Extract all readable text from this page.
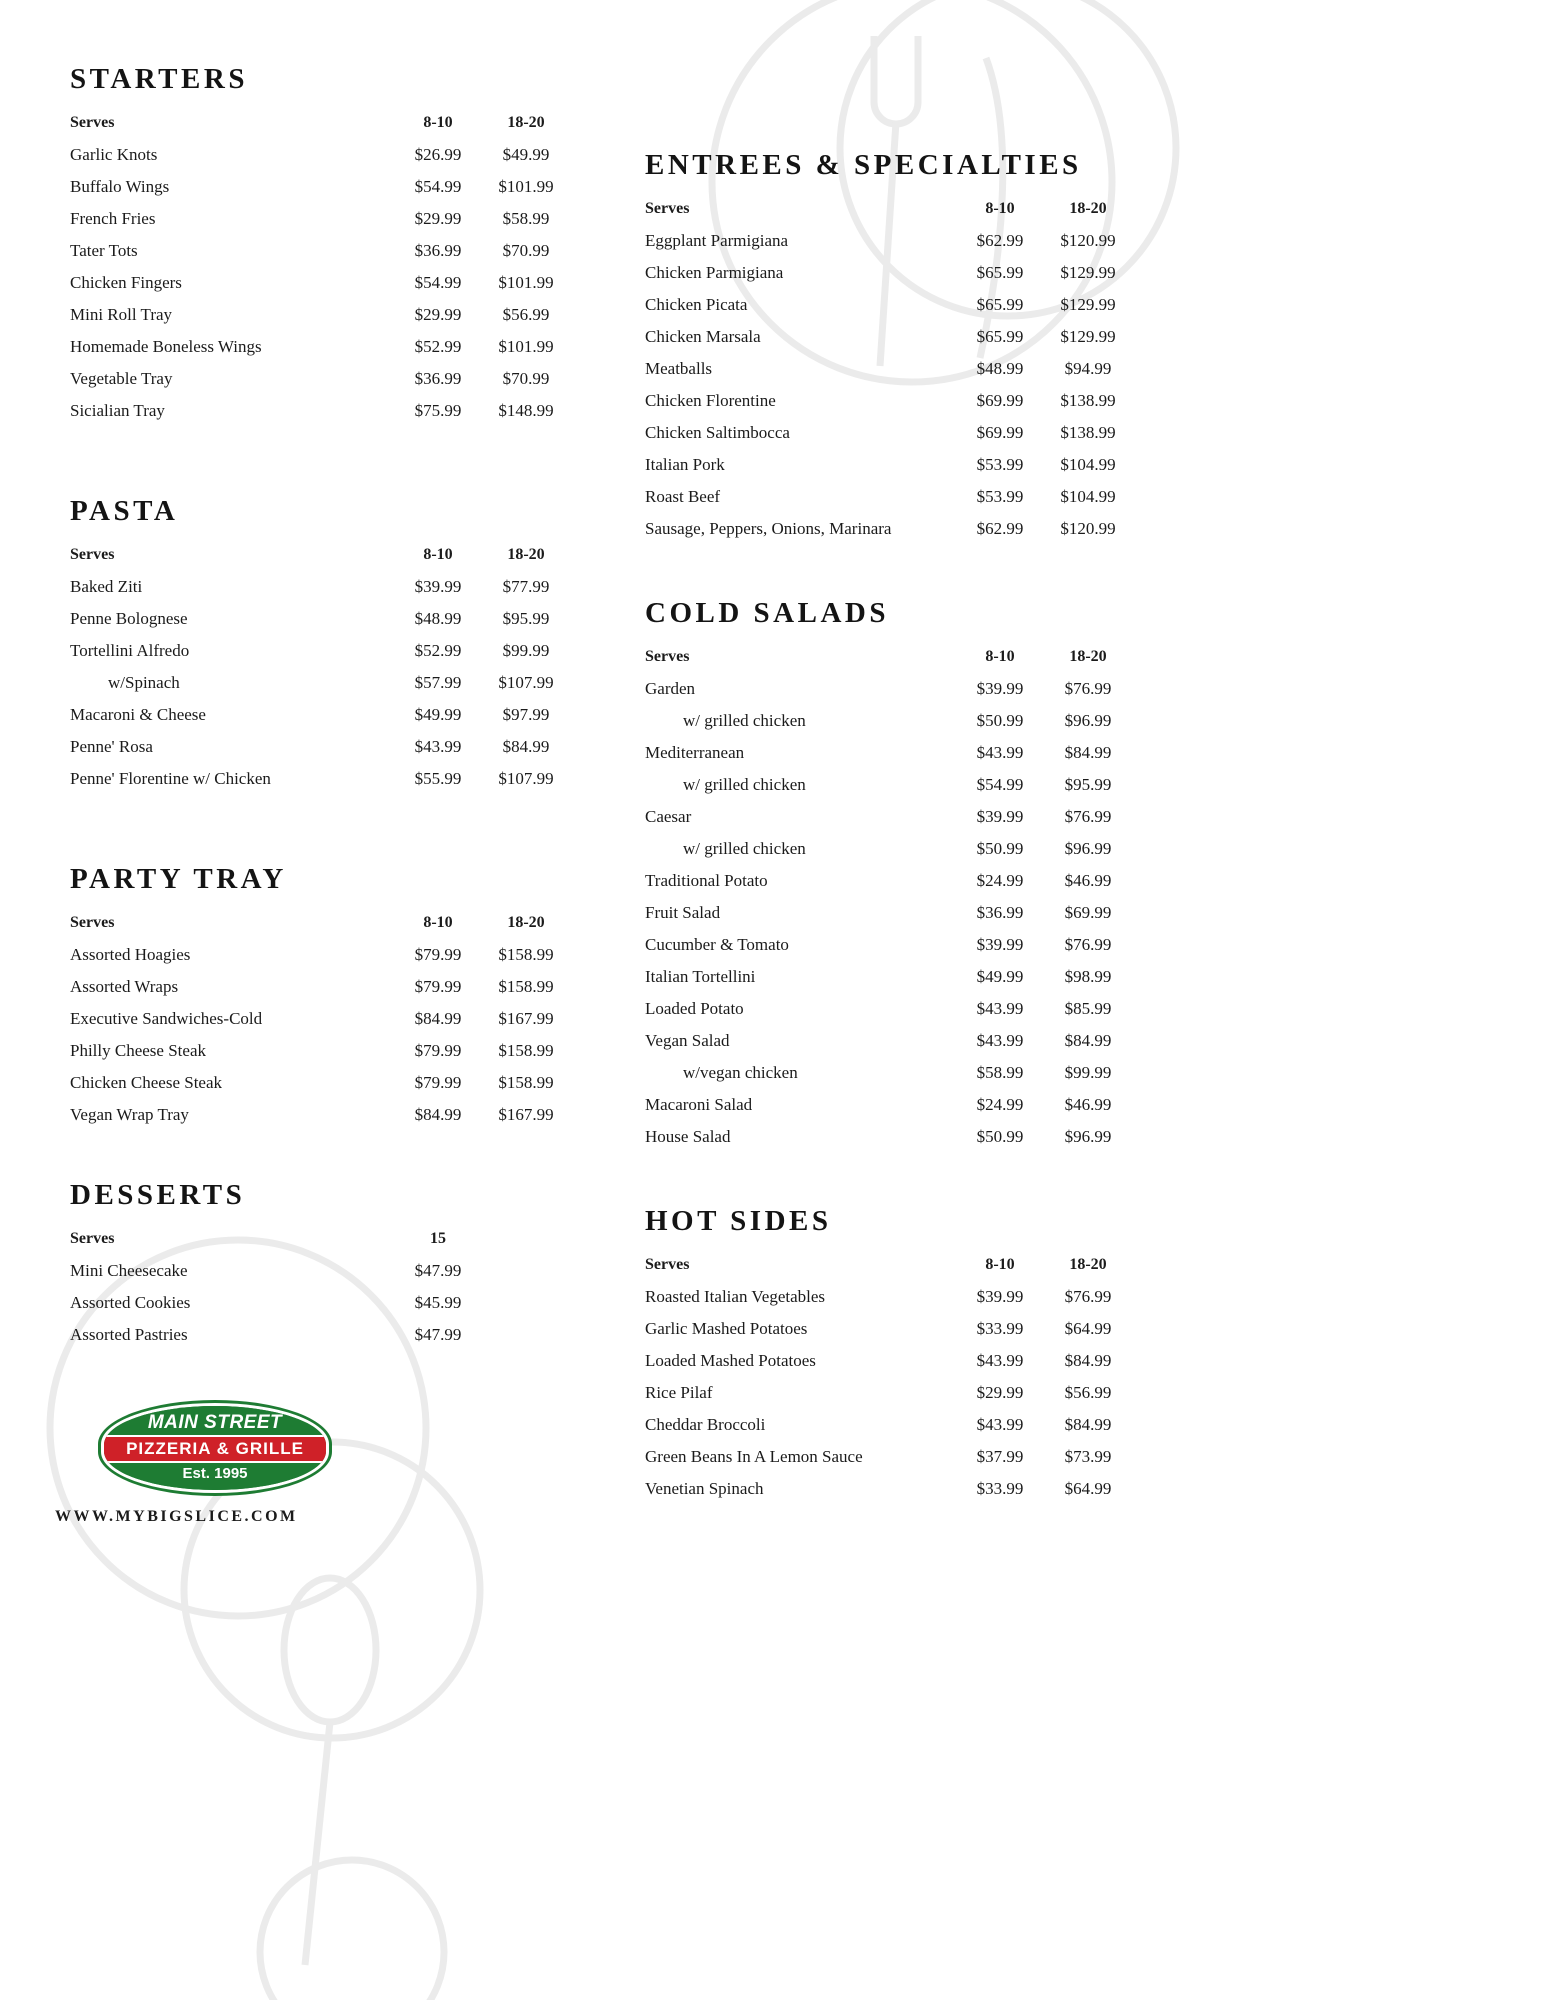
STARTERS
Serves	8-10	18-20
Garlic Knots	$26.99	$49.99
Buffalo Wings	$54.99	$101.99
French Fries	$29.99	$58.99
Tater Tots	$36.99	$70.99
Chicken Fingers	$54.99	$101.99
Mini Roll Tray	$29.99	$56.99
Homemade Boneless Wings	$52.99	$101.99
Vegetable Tray	$36.99	$70.99
Sicialian Tray	$75.99	$148.99
PASTA
Serves	8-10	18-20
Baked Ziti	$39.99	$77.99
Penne Bolognese	$48.99	$95.99
Tortellini Alfredo	$52.99	$99.99
w/Spinach	$57.99	$107.99
Macaroni & Cheese	$49.99	$97.99
Penne' Rosa	$43.99	$84.99
Penne' Florentine w/ Chicken	$55.99	$107.99
PARTY TRAY
Serves	8-10	18-20
Assorted Hoagies	$79.99	$158.99
Assorted Wraps	$79.99	$158.99
Executive Sandwiches-Cold	$84.99	$167.99
Philly Cheese Steak	$79.99	$158.99
Chicken Cheese Steak	$79.99	$158.99
Vegan Wrap Tray	$84.99	$167.99
DESSERTS
Serves	15
Mini Cheesecake	$47.99
Assorted Cookies	$45.99
Assorted Pastries	$47.99
ENTREES & SPECIALTIES
Serves	8-10	18-20
Eggplant Parmigiana	$62.99	$120.99
Chicken Parmigiana	$65.99	$129.99
Chicken Picata	$65.99	$129.99
Chicken Marsala	$65.99	$129.99
Meatballs	$48.99	$94.99
Chicken Florentine	$69.99	$138.99
Chicken Saltimbocca	$69.99	$138.99
Italian Pork	$53.99	$104.99
Roast Beef	$53.99	$104.99
Sausage, Peppers, Onions, Marinara	$62.99	$120.99
COLD SALADS
Serves	8-10	18-20
Garden	$39.99	$76.99
w/ grilled chicken	$50.99	$96.99
Mediterranean	$43.99	$84.99
w/ grilled chicken	$54.99	$95.99
Caesar	$39.99	$76.99
w/ grilled chicken	$50.99	$96.99
Traditional Potato	$24.99	$46.99
Fruit Salad	$36.99	$69.99
Cucumber & Tomato	$39.99	$76.99
Italian Tortellini	$49.99	$98.99
Loaded Potato	$43.99	$85.99
Vegan Salad	$43.99	$84.99
w/vegan chicken	$58.99	$99.99
Macaroni Salad	$24.99	$46.99
House Salad	$50.99	$96.99
HOT SIDES
Serves	8-10	18-20
Roasted Italian Vegetables	$39.99	$76.99
Garlic Mashed Potatoes	$33.99	$64.99
Loaded Mashed Potatoes	$43.99	$84.99
Rice Pilaf	$29.99	$56.99
Cheddar Broccoli	$43.99	$84.99
Green Beans In A Lemon Sauce	$37.99	$73.99
Venetian Spinach	$33.99	$64.99
MAIN STREET
PIZZERIA & GRILLE
Est. 1995
WWW.MYBIGSLICE.COM
